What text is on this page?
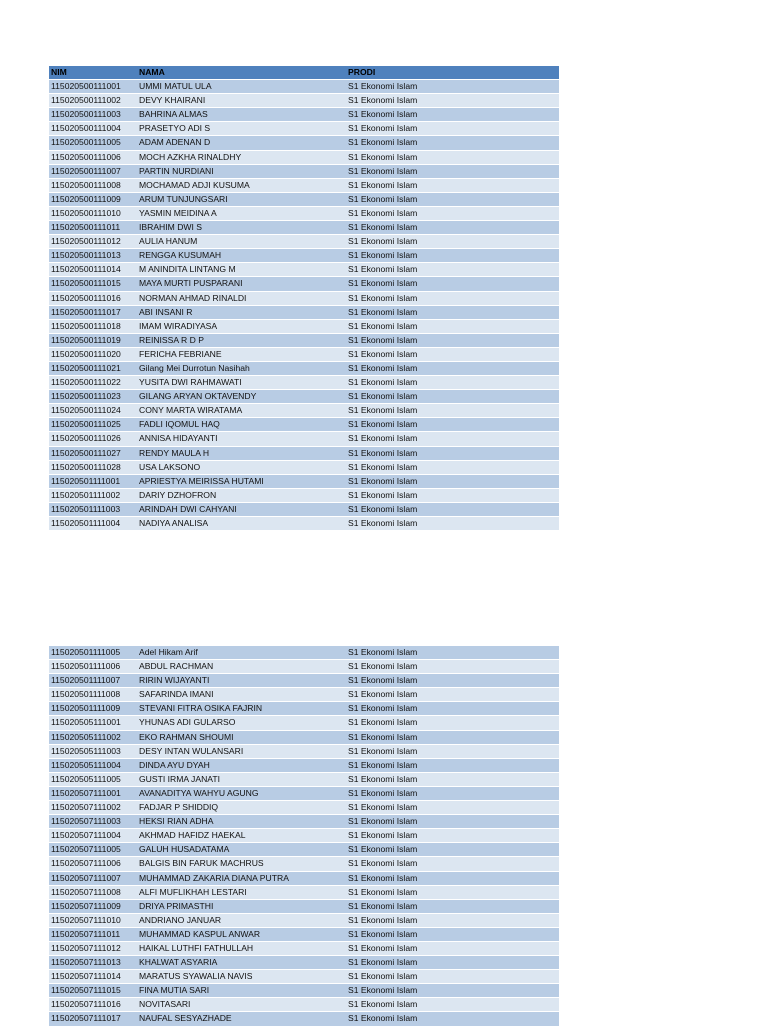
NIM	NAMA	PRODI
115020500111001	UMMI MATUL ULA	S1 Ekonomi Islam
115020500111002	DEVY KHAIRANI	S1 Ekonomi Islam
115020500111003	BAHRINA ALMAS	S1 Ekonomi Islam
115020500111004	PRASETYO ADI S	S1 Ekonomi Islam
115020500111005	ADAM ADENAN D	S1 Ekonomi Islam
115020500111006	MOCH AZKHA RINALDHY	S1 Ekonomi Islam
115020500111007	PARTIN NURDIANI	S1 Ekonomi Islam
115020500111008	MOCHAMAD ADJI KUSUMA	S1 Ekonomi Islam
115020500111009	ARUM TUNJUNGSARI	S1 Ekonomi Islam
115020500111010	YASMIN MEIDINA A	S1 Ekonomi Islam
115020500111011	IBRAHIM DWI S	S1 Ekonomi Islam
115020500111012	AULIA HANUM	S1 Ekonomi Islam
115020500111013	RENGGA KUSUMAH	S1 Ekonomi Islam
115020500111014	M ANINDITA LINTANG M	S1 Ekonomi Islam
115020500111015	MAYA MURTI PUSPARANI	S1 Ekonomi Islam
115020500111016	NORMAN AHMAD RINALDI	S1 Ekonomi Islam
115020500111017	ABI INSANI R	S1 Ekonomi Islam
115020500111018	IMAM WIRADIYASA	S1 Ekonomi Islam
115020500111019	REINISSA R D P	S1 Ekonomi Islam
115020500111020	FERICHA FEBRIANE	S1 Ekonomi Islam
115020500111021	Gilang Mei Durrotun Nasihah	S1 Ekonomi Islam
115020500111022	YUSITA DWI RAHMAWATI	S1 Ekonomi Islam
115020500111023	GILANG ARYAN OKTAVENDY	S1 Ekonomi Islam
115020500111024	CONY MARTA WIRATAMA	S1 Ekonomi Islam
115020500111025	FADLI IQOMUL HAQ	S1 Ekonomi Islam
115020500111026	ANNISA HIDAYANTI	S1 Ekonomi Islam
115020500111027	RENDY MAULA H	S1 Ekonomi Islam
115020500111028	USA LAKSONO	S1 Ekonomi Islam
115020501111001	APRIESTYA MEIRISSA HUTAMI	S1 Ekonomi Islam
115020501111002	DARIY DZHOFRON	S1 Ekonomi Islam
115020501111003	ARINDAH DWI CAHYANI	S1 Ekonomi Islam
115020501111004	NADIYA ANALISA	S1 Ekonomi Islam
115020501111005	Adel Hikam Arif	S1 Ekonomi Islam
115020501111006	ABDUL RACHMAN	S1 Ekonomi Islam
115020501111007	RIRIN WIJAYANTI	S1 Ekonomi Islam
115020501111008	SAFARINDA IMANI	S1 Ekonomi Islam
115020501111009	STEVANI FITRA OSIKA FAJRIN	S1 Ekonomi Islam
115020505111001	YHUNAS ADI GULARSO	S1 Ekonomi Islam
115020505111002	EKO RAHMAN SHOUMI	S1 Ekonomi Islam
115020505111003	DESY INTAN WULANSARI	S1 Ekonomi Islam
115020505111004	DINDA AYU DYAH	S1 Ekonomi Islam
115020505111005	GUSTI IRMA JANATI	S1 Ekonomi Islam
115020507111001	AVANADITYA WAHYU AGUNG	S1 Ekonomi Islam
115020507111002	FADJAR P SHIDDIQ	S1 Ekonomi Islam
115020507111003	HEKSI RIAN ADHA	S1 Ekonomi Islam
115020507111004	AKHMAD HAFIDZ HAEKAL	S1 Ekonomi Islam
115020507111005	GALUH HUSADATAMA	S1 Ekonomi Islam
115020507111006	BALGIS BIN FARUK MACHRUS	S1 Ekonomi Islam
115020507111007	MUHAMMAD ZAKARIA DIANA PUTRA	S1 Ekonomi Islam
115020507111008	ALFI MUFLIKHAH LESTARI	S1 Ekonomi Islam
115020507111009	DRIYA PRIMASTHI	S1 Ekonomi Islam
115020507111010	ANDRIANO JANUAR	S1 Ekonomi Islam
115020507111011	MUHAMMAD KASPUL ANWAR	S1 Ekonomi Islam
115020507111012	HAIKAL LUTHFI FATHULLAH	S1 Ekonomi Islam
115020507111013	KHALWAT ASYARIA	S1 Ekonomi Islam
115020507111014	MARATUS SYAWALIA NAVIS	S1 Ekonomi Islam
115020507111015	FINA MUTIA SARI	S1 Ekonomi Islam
115020507111016	NOVITASARI	S1 Ekonomi Islam
115020507111017	NAUFAL SESYAZHADE	S1 Ekonomi Islam
